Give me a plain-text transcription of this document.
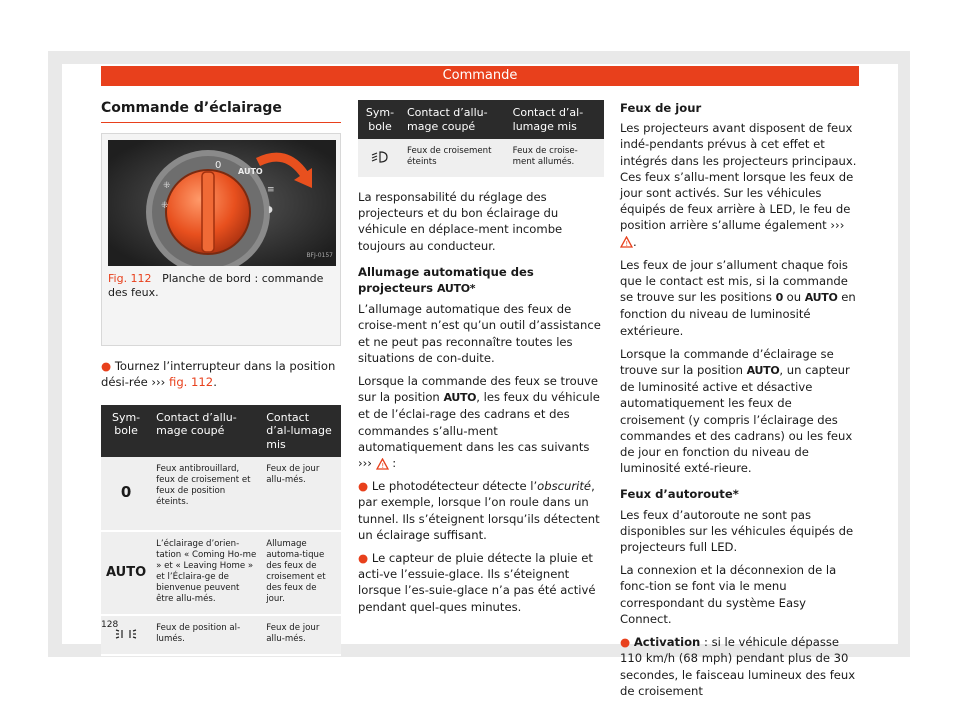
Commande
Commande d’éclairage
⁜
⁜
≡
◗
0
AUTO
BFJ-0157
Fig. 112 Planche de bord : commande des feux.

● Tournez l’interrupteur dans la position dési-rée ››› fig. 112.

Sym-bole	Contact d’allu-mage coupé	Contact d’al-lumage mis
0	Feux antibrouillard, feux de croisement et feux de position éteints.	Feux de jour allu-més.
AUTO	L’éclairage d’orien-tation « Coming Ho-me » et « Leaving Home » et l’Éclaira-ge de bienvenue peuvent être allu-més.	Allumage automa-tique des feux de croisement et des feux de jour.
	Feux de position al-lumés.	Feux de jour allu-més.
Sym-bole	Contact d’allu-mage coupé	Contact d’al-lumage mis
	Feux de croisement éteints	Feux de croise-ment allumés.

La responsabilité du réglage des projecteurs et du bon éclairage du véhicule en déplace-ment incombe toujours au conducteur.

Allumage automatique des projecteurs AUTO*

L’allumage automatique des feux de croise-ment n’est qu’un outil d’assistance et ne peut pas reconnaître toutes les situations de con-duite.

Lorsque la commande des feux se trouve sur la position AUTO, les feux du véhicule et de l’éclai-rage des cadrans et des commandes s’allu-ment automatiquement dans les cas suivants ››› ! :

● Le photodétecteur détecte l’obscurité, par exemple, lorsque l’on roule dans un tunnel. Ils s’éteignent lorsqu’ils détectent un éclairage suffisant.

● Le capteur de pluie détecte la pluie et acti-ve l’essuie-glace. Ils s’éteignent lorsque l’es-suie-glace n’a pas été activé pendant quel-ques minutes.

Feux de jour

Les projecteurs avant disposent de feux indé-pendants prévus à cet effet et intégrés dans les projecteurs principaux. Ces feux s’allu-ment lorsque les feux de jour sont activés. Sur les véhicules équipés de feux arrière à LED, le feu de position arrière s’allume également ›››
! .

Les feux de jour s’allument chaque fois que le contact est mis, si la commande se trouve sur les positions 0 ou AUTO en fonction du niveau de luminosité extérieure.

Lorsque la commande d’éclairage se trouve sur la position AUTO, un capteur de luminosité active et désactive automatiquement les feux de croisement (y compris l’éclairage des commandes et des cadrans) ou les feux de jour en fonction du niveau de luminosité exté-rieure.

Feux d’autoroute*

Les feux d’autoroute ne sont pas disponibles sur les véhicules équipés de projecteurs full LED.

La connexion et la déconnexion de la fonc-tion se font via le menu correspondant du système Easy Connect.

● Activation : si le véhicule dépasse 110 km/h (68 mph) pendant plus de 30 secondes, le faisceau lumineux des feux de croisement

128
